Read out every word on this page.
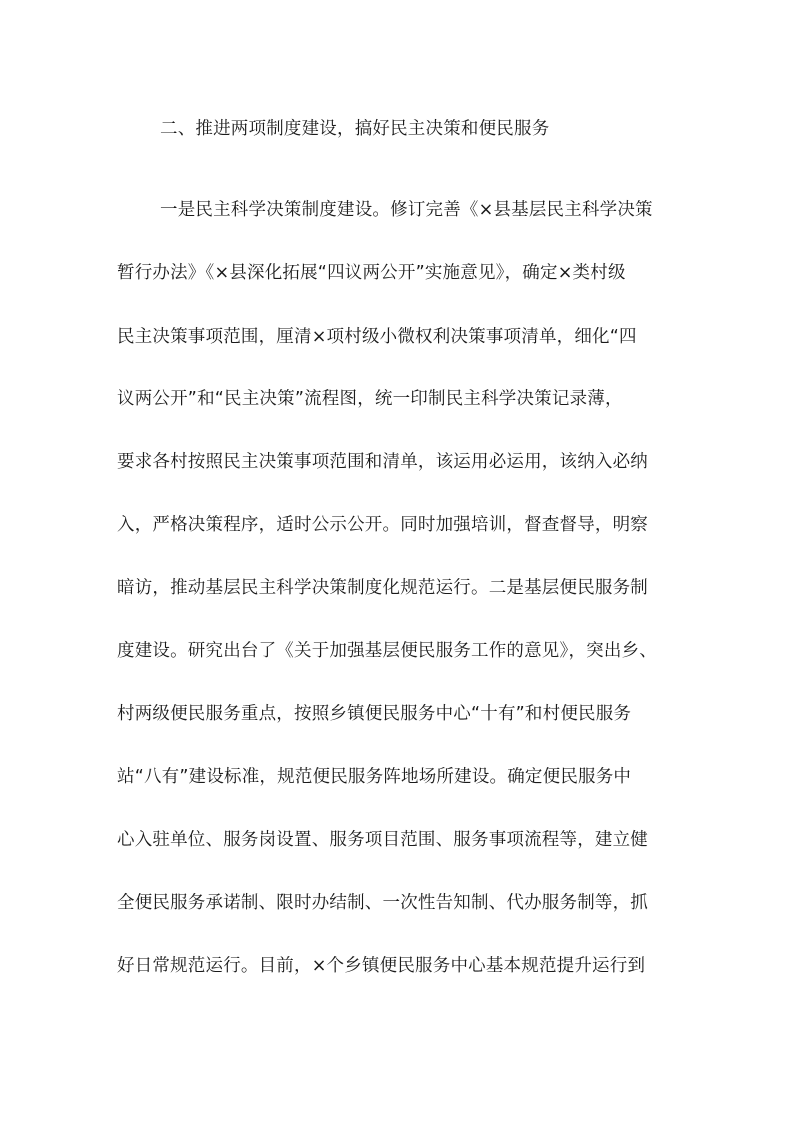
二、推进两项制度建设，搞好民主决策和便民服务
一是民主科学决策制度建设。修订完善《×县基层民主科学决策
暂行办法》《×县深化拓展“四议两公开”实施意见》，确定×类村级
民主决策事项范围，厘清×项村级小微权利决策事项清单，细化“四
议两公开”和“民主决策”流程图，统一印制民主科学决策记录薄，
要求各村按照民主决策事项范围和清单，该运用必运用，该纳入必纳
入，严格决策程序，适时公示公开。同时加强培训，督查督导，明察
暗访，推动基层民主科学决策制度化规范运行。二是基层便民服务制
度建设。研究出台了《关于加强基层便民服务工作的意见》，突出乡、
村两级便民服务重点，按照乡镇便民服务中心“十有”和村便民服务
站“八有”建设标准，规范便民服务阵地场所建设。确定便民服务中
心入驻单位、服务岗设置、服务项目范围、服务事项流程等，建立健
全便民服务承诺制、限时办结制、一次性告知制、代办服务制等，抓
好日常规范运行。目前，×个乡镇便民服务中心基本规范提升运行到
